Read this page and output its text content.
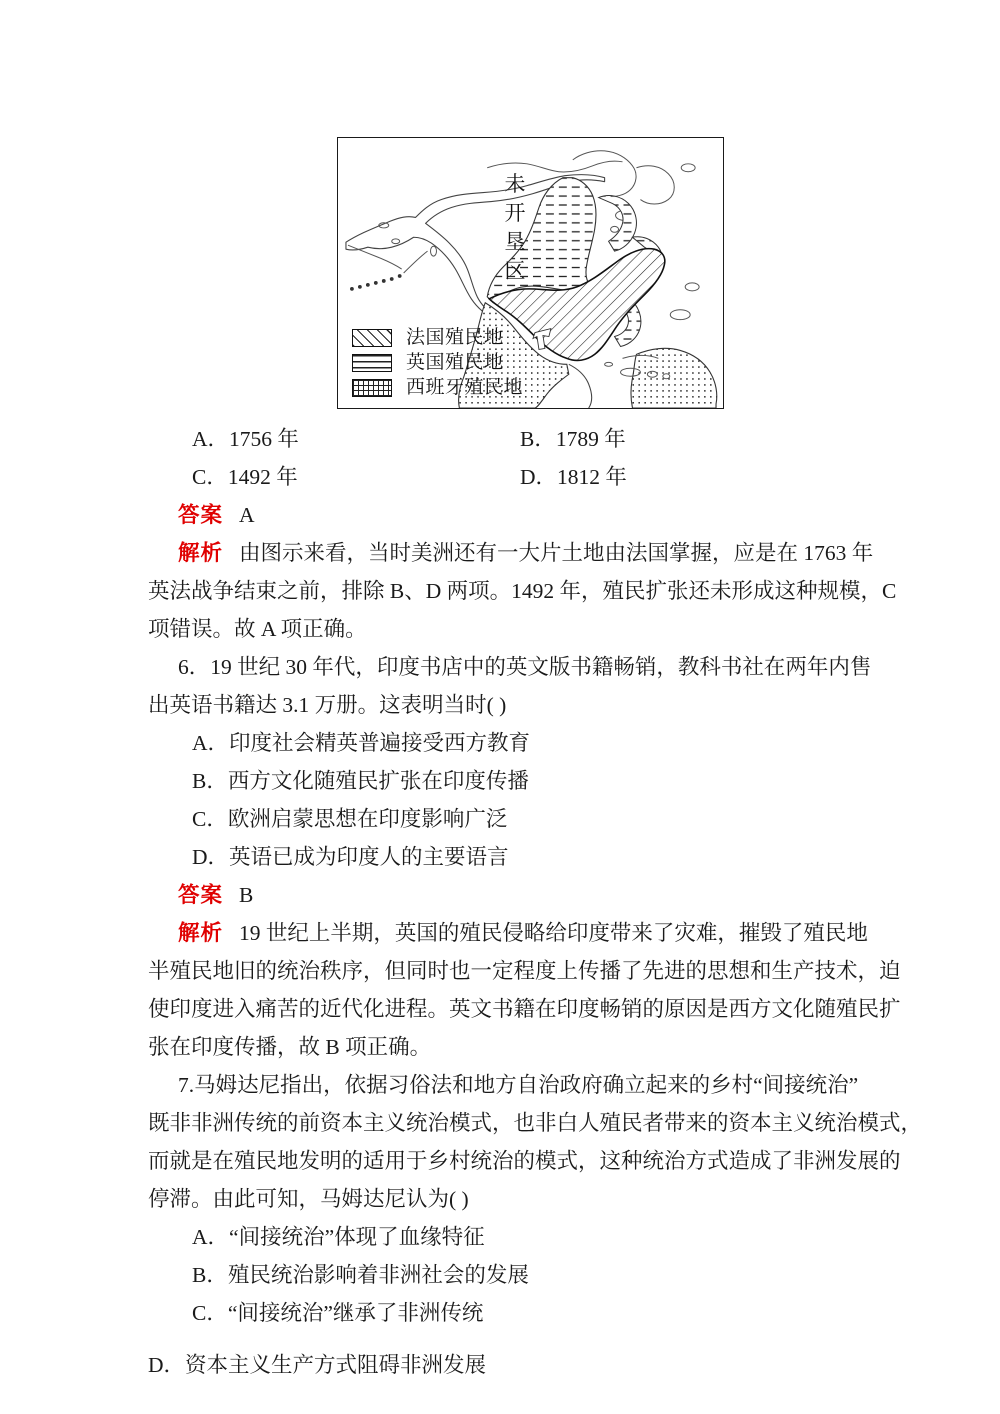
未
开
垦
区
法国殖民地
英国殖民地
西班牙殖民地
A．1756 年	B．1789 年
C．1492 年	D．1812 年
答案 A
解析 由图示来看，当时美洲还有一大片土地由法国掌握，应是在 1763 年
英法战争结束之前，排除 B、D 两项。1492 年，殖民扩张还未形成这种规模，C
项错误。故 A 项正确。
6．19 世纪 30 年代，印度书店中的英文版书籍畅销，教科书社在两年内售
出英语书籍达 3.1 万册。这表明当时( )
A．印度社会精英普遍接受西方教育
B．西方文化随殖民扩张在印度传播
C．欧洲启蒙思想在印度影响广泛
D．英语已成为印度人的主要语言
答案 B
解析 19 世纪上半期，英国的殖民侵略给印度带来了灾难，摧毁了殖民地
半殖民地旧的统治秩序，但同时也一定程度上传播了先进的思想和生产技术，迫
使印度进入痛苦的近代化进程。英文书籍在印度畅销的原因是西方文化随殖民扩
张在印度传播，故 B 项正确。
7.马姆达尼指出，依据习俗法和地方自治政府确立起来的乡村“间接统治”
既非非洲传统的前资本主义统治模式，也非白人殖民者带来的资本主义统治模式，
而就是在殖民地发明的适用于乡村统治的模式，这种统治方式造成了非洲发展的
停滞。由此可知，马姆达尼认为( )
A．“间接统治”体现了血缘特征
B．殖民统治影响着非洲社会的发展
C．“间接统治”继承了非洲传统
D．资本主义生产方式阻碍非洲发展
